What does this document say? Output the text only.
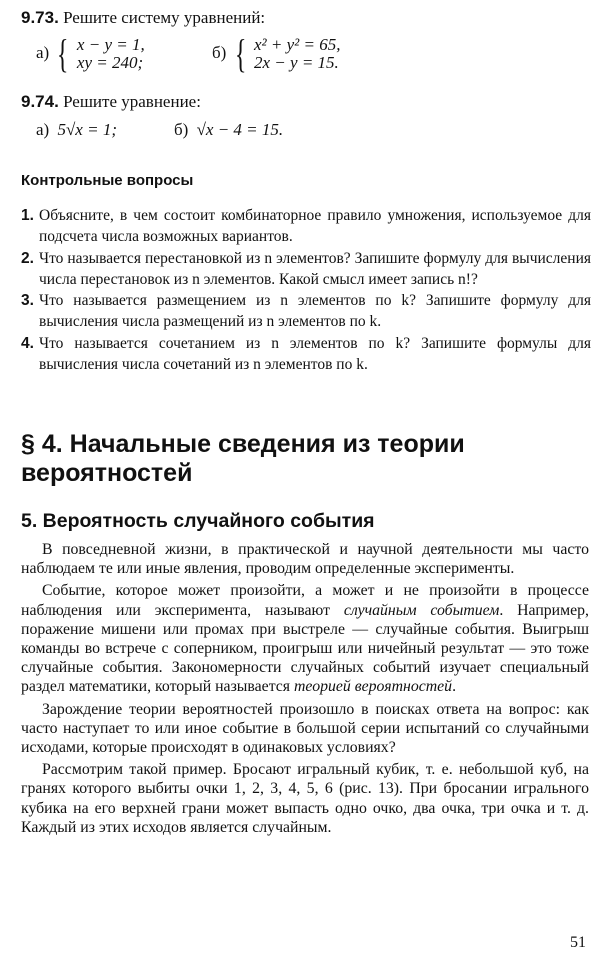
9.73. Решите систему уравнений:
а) { x − y = 1,
xy = 240;
б) { x² + y² = 65,
2x − y = 15.
9.74. Решите уравнение:
а) 5√x = 1;	б) √x − 4 = 15.
Контрольные вопросы
1. Объясните, в чем состоит комбинаторное правило умножения, используемое для подсчета числа возможных вариантов.
2. Что называется перестановкой из n элементов? Запишите формулу для вычисления числа перестановок из n элементов. Какой смысл имеет запись n!?
3. Что называется размещением из n элементов по k? Запишите формулу для вычисления числа размещений из n элементов по k.
4. Что называется сочетанием из n элементов по k? Запишите формулы для вычисления числа сочетаний из n элементов по k.
§ 4. Начальные сведения из теории вероятностей
5. Вероятность случайного события

В повседневной жизни, в практической и научной деятельности мы часто наблюдаем те или иные явления, проводим определенные эксперименты.

Событие, которое может произойти, а может и не произойти в процессе наблюдения или эксперимента, называют случайным событием. Например, поражение мишени или промах при выстреле — случайные события. Выигрыш команды во встрече с соперником, проигрыш или ничейный результат — это тоже случайные события. Закономерности случайных событий изучает специальный раздел математики, который называется теорией вероятностей.

Зарождение теории вероятностей произошло в поисках ответа на вопрос: как часто наступает то или иное событие в большой серии испытаний со случайными исходами, которые происходят в одинаковых условиях?

Рассмотрим такой пример. Бросают игральный кубик, т. е. небольшой куб, на гранях которого выбиты очки 1, 2, 3, 4, 5, 6 (рис. 13). При бросании игрального кубика на его верхней грани может выпасть одно очко, два очка, три очка и т. д. Каждый из этих исходов является случайным.

51
